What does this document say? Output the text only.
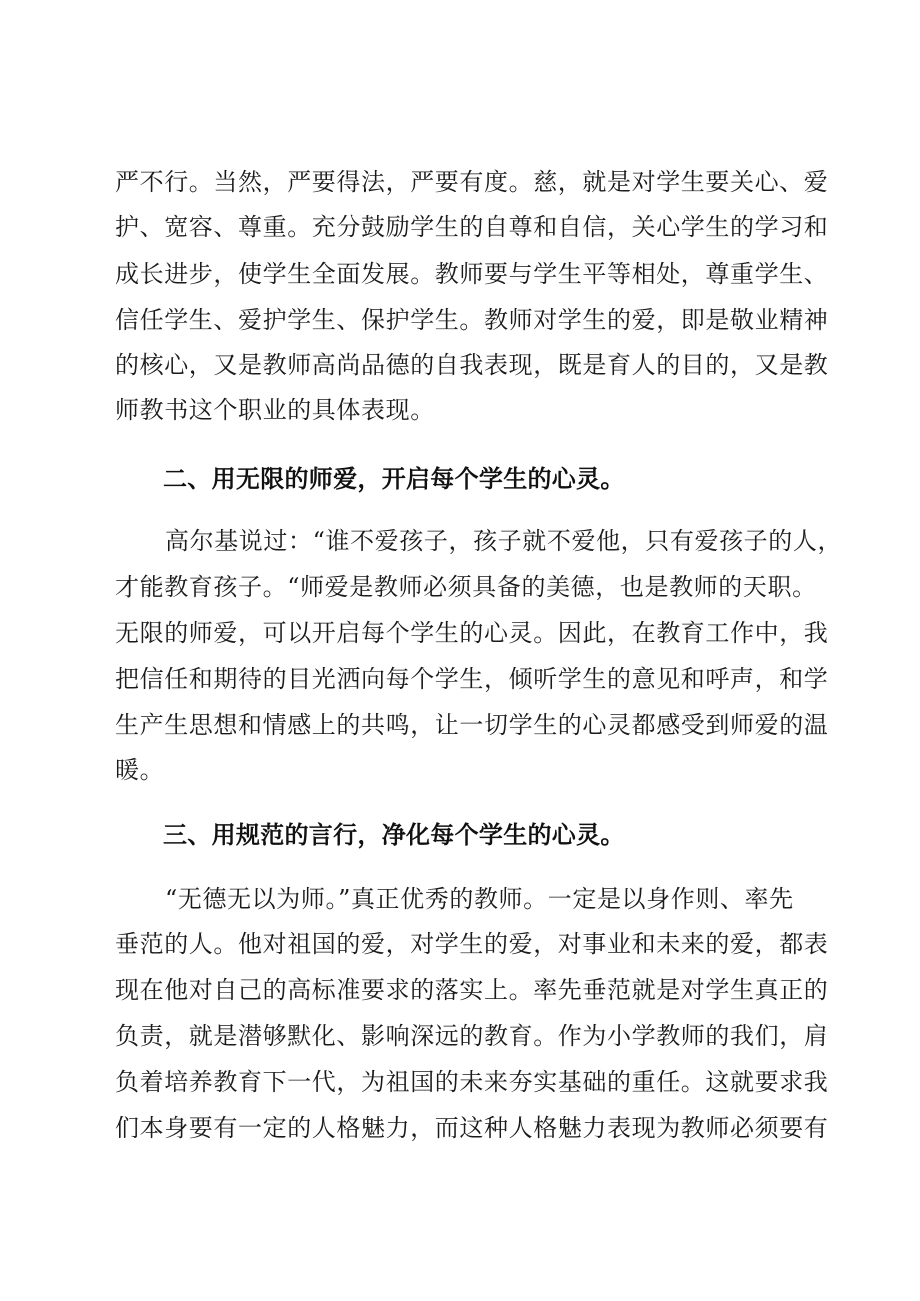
严不行。当然，严要得法，严要有度。慈，就是对学生要关心、爱
护、宽容、尊重。充分鼓励学生的自尊和自信，关心学生的学习和
成长进步，使学生全面发展。教师要与学生平等相处，尊重学生、
信任学生、爱护学生、保护学生。教师对学生的爱，即是敬业精神
的核心，又是教师高尚品德的自我表现，既是育人的目的，又是教
师教书这个职业的具体表现。
二、用无限的师爱，开启每个学生的心灵。
高尔基说过：“谁不爱孩子，孩子就不爱他，只有爱孩子的人，
才能教育孩子。“师爱是教师必须具备的美德，也是教师的天职。
无限的师爱，可以开启每个学生的心灵。因此，在教育工作中，我
把信任和期待的目光洒向每个学生，倾听学生的意见和呼声，和学
生产生思想和情感上的共鸣，让一切学生的心灵都感受到师爱的温
暖。
三、用规范的言行，净化每个学生的心灵。
“无德无以为师。”真正优秀的教师。一定是以身作则、率先
垂范的人。他对祖国的爱，对学生的爱，对事业和未来的爱，都表
现在他对自己的高标准要求的落实上。率先垂范就是对学生真正的
负责，就是潜够默化、影响深远的教育。作为小学教师的我们，肩
负着培养教育下一代，为祖国的未来夯实基础的重任。这就要求我
们本身要有一定的人格魅力，而这种人格魅力表现为教师必须要有
